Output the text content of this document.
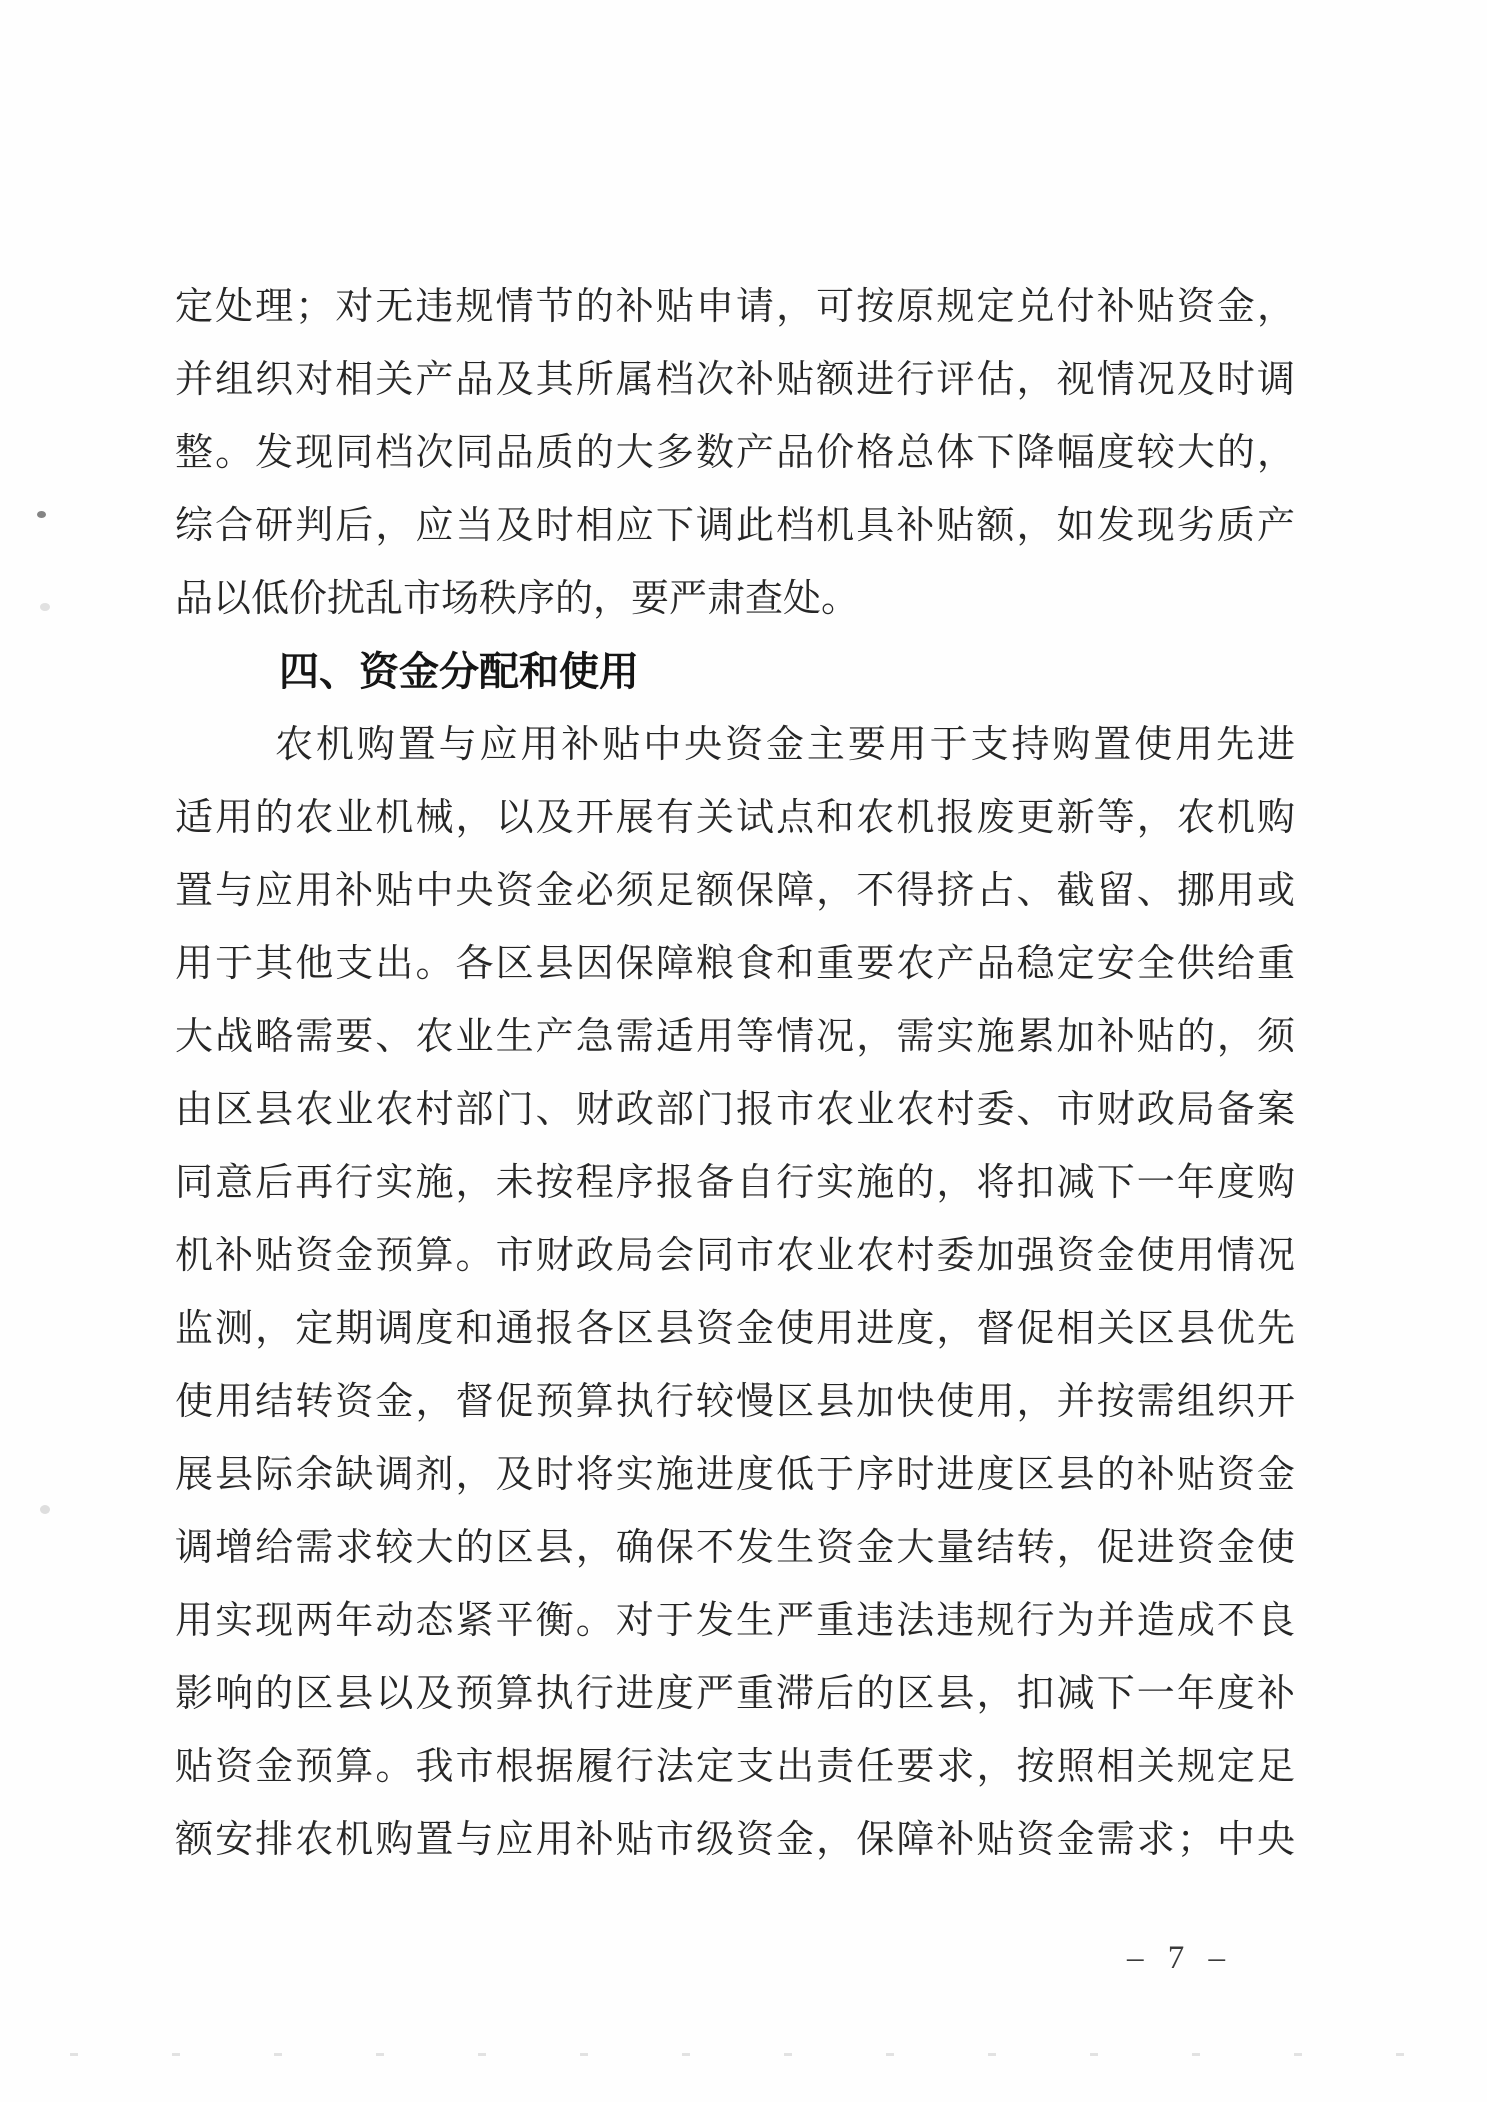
定处理；对无违规情节的补贴申请，可按原规定兑付补贴资金，
并组织对相关产品及其所属档次补贴额进行评估，视情况及时调
整。发现同档次同品质的大多数产品价格总体下降幅度较大的，
综合研判后，应当及时相应下调此档机具补贴额，如发现劣质产
品以低价扰乱市场秩序的，要严肃查处。
四、资金分配和使用
农机购置与应用补贴中央资金主要用于支持购置使用先进
适用的农业机械，以及开展有关试点和农机报废更新等，农机购
置与应用补贴中央资金必须足额保障，不得挤占、截留、挪用或
用于其他支出。各区县因保障粮食和重要农产品稳定安全供给重
大战略需要、农业生产急需适用等情况，需实施累加补贴的，须
由区县农业农村部门、财政部门报市农业农村委、市财政局备案
同意后再行实施，未按程序报备自行实施的，将扣减下一年度购
机补贴资金预算。市财政局会同市农业农村委加强资金使用情况
监测，定期调度和通报各区县资金使用进度，督促相关区县优先
使用结转资金，督促预算执行较慢区县加快使用，并按需组织开
展县际余缺调剂，及时将实施进度低于序时进度区县的补贴资金
调增给需求较大的区县，确保不发生资金大量结转，促进资金使
用实现两年动态紧平衡。对于发生严重违法违规行为并造成不良
影响的区县以及预算执行进度严重滞后的区县，扣减下一年度补
贴资金预算。我市根据履行法定支出责任要求，按照相关规定足
额安排农机购置与应用补贴市级资金，保障补贴资金需求；中央
– 7 –
